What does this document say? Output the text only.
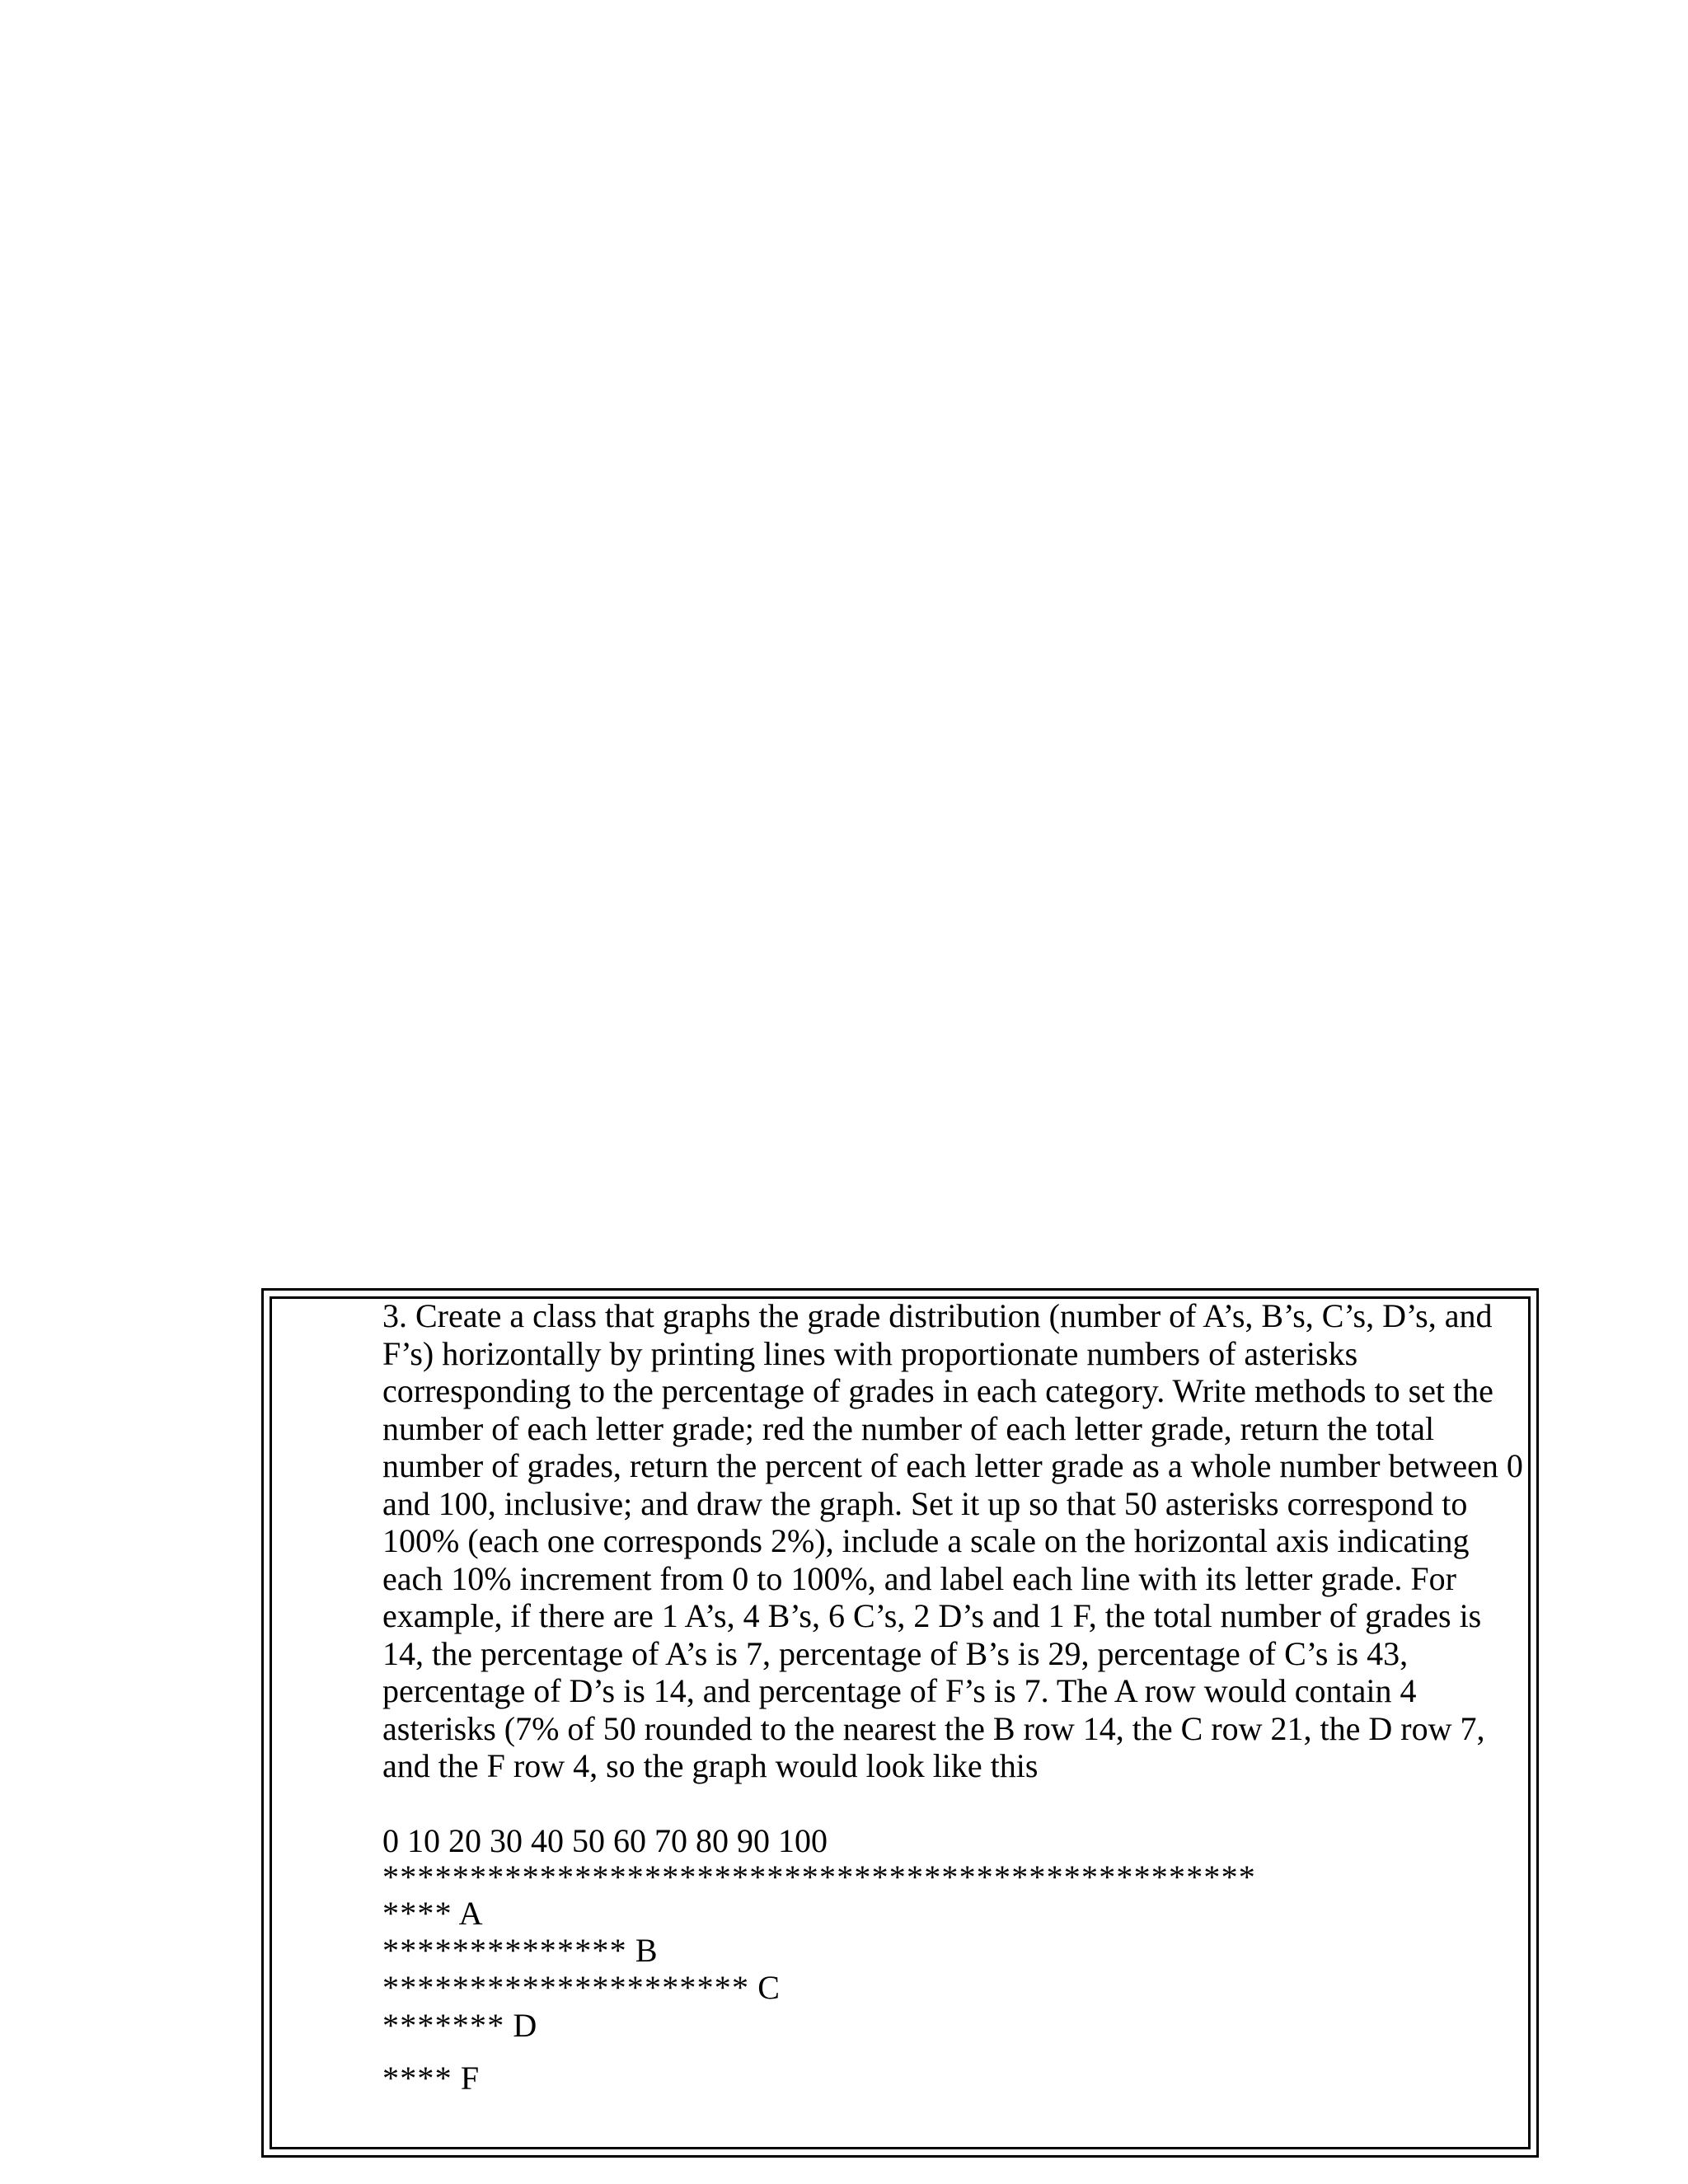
3. Create a class that graphs the grade distribution (number of A’s, B’s, C’s, D’s, and
F’s) horizontally by printing lines with proportionate numbers of asterisks
corresponding to the percentage of grades in each category. Write methods to set the
number of each letter grade; red the number of each letter grade, return the total
number of grades, return the percent of each letter grade as a whole number between 0
and 100, inclusive; and draw the graph. Set it up so that 50 asterisks correspond to
100% (each one corresponds 2%), include a scale on the horizontal axis indicating
each 10% increment from 0 to 100%, and label each line with its letter grade. For
example, if there are 1 A’s, 4 B’s, 6 C’s, 2 D’s and 1 F, the total number of grades is
14, the percentage of A’s is 7, percentage of B’s is 29, percentage of C’s is 43,
percentage of D’s is 14, and percentage of F’s is 7. The A row would contain 4
asterisks (7% of 50 rounded to the nearest the B row 14, the C row 21, the D row 7,
and the F row 4, so the graph would look like this

0 10 20 30 40 50 60 70 80 90 100
**************************************************
**** A
************** B
********************* C
******* D
**** F
